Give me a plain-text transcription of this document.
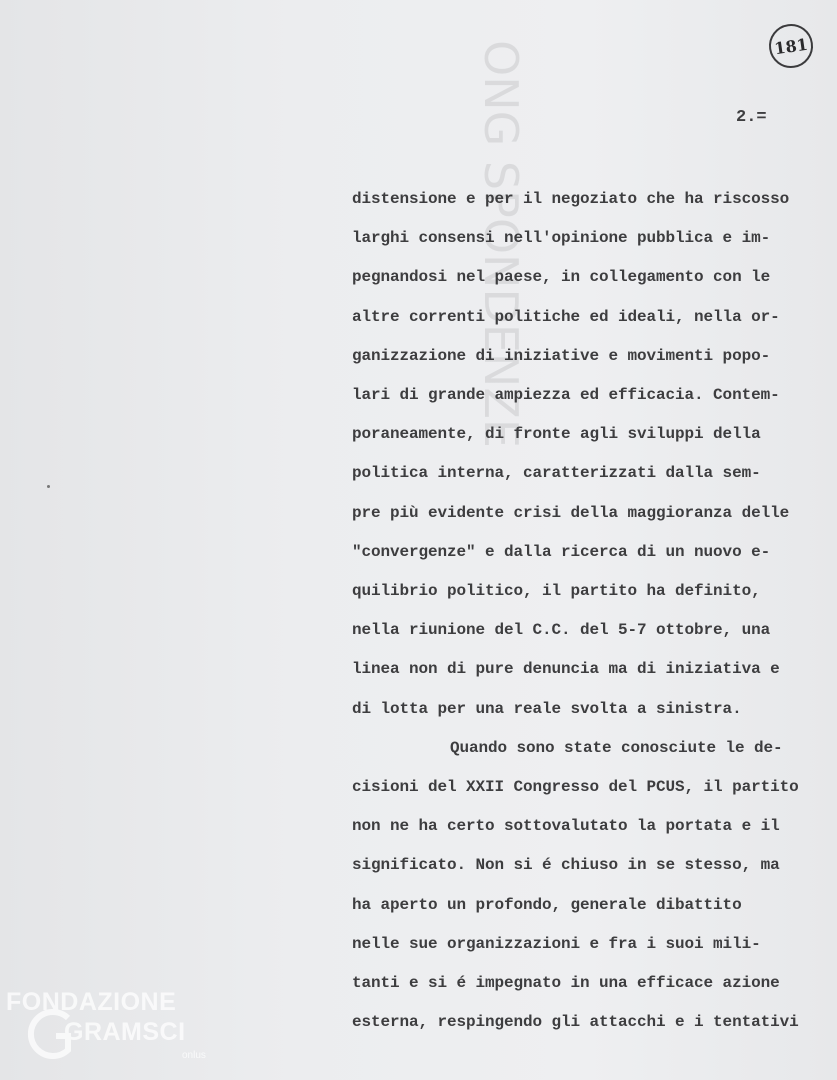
ONG SPONDENZE	181
2.=
distensione e per il negoziato che ha riscosso
larghi consensi nell'opinione pubblica e im-
pegnandosi nel paese, in collegamento con le
altre correnti politiche ed ideali, nella or-
ganizzazione di iniziative e movimenti popo-
lari di grande ampiezza ed efficacia. Contem-
poraneamente, di fronte agli sviluppi della
politica interna, caratterizzati dalla sem-
pre più evidente crisi della maggioranza delle
"convergenze" e dalla ricerca di un nuovo e-
quilibrio politico, il partito ha definito,
nella riunione del C.C. del 5-7 ottobre, una
linea non di pure denuncia ma di iniziativa e
di lotta per una reale svolta a sinistra.
Quando sono state conosciute le de-
cisioni del XXII Congresso del PCUS, il partito
non ne ha certo sottovalutato la portata e il
significato. Non si é chiuso in se stesso, ma
ha aperto un profondo, generale dibattito
nelle sue organizzazioni e fra i suoi mili-
tanti e si é impegnato in una efficace azione
esterna, respingendo gli attacchi e i tentativi
FONDAZIONE
GRAMSCI
onlus
